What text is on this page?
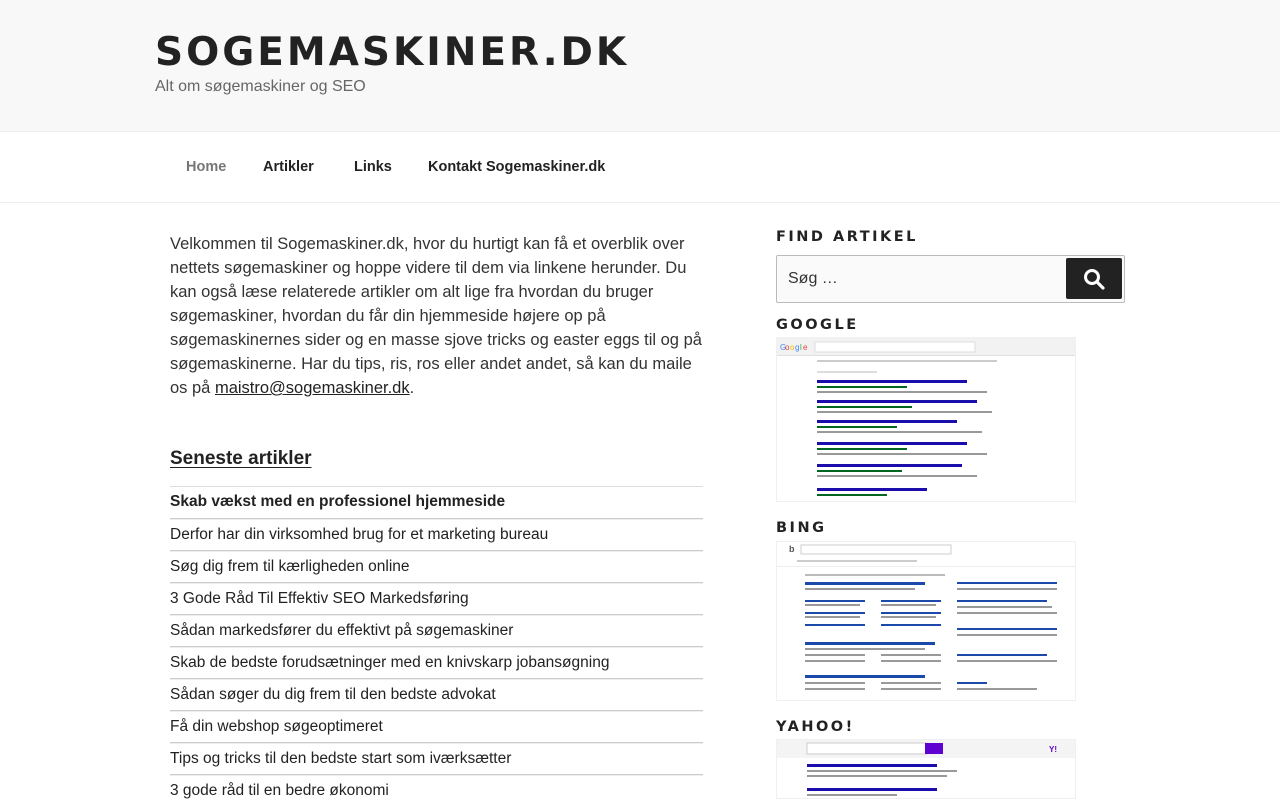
SOGEMASKINER.DK

Alt om søgemaskiner og SEO

Home	Artikler	Links Kontakt Sogemaskiner.dk

Velkommen til Sogemaskiner.dk, hvor du hurtigt kan få et overblik over nettets søgemaskiner og hoppe videre til dem via linkene herunder. Du kan også læse relaterede artikler om alt lige fra hvordan du bruger søgemaskiner, hvordan du får din hjemmeside højere op på søgemaskinernes sider og en masse sjove tricks og easter eggs til og på søgemaskinerne. Har du tips, ris, ros eller andet andet, så kan du maile os på maistro@sogemaskiner.dk.

Seneste artikler
Skab vækst med en professionel hjemmeside
Derfor har din virksomhed brug for et marketing bureau
Søg dig frem til kærligheden online
3 Gode Råd Til Effektiv SEO Markedsføring
Sådan markedsfører du effektivt på søgemaskiner
Skab de bedste forudsætninger med en knivskarp jobansøgning
Sådan søger du dig frem til den bedste advokat
Få din webshop søgeoptimeret
Tips og tricks til den bedste start som iværksætter
3 gode råd til en bedre økonomi
FIND ARTIKEL
Søg …
GOOGLE
G
o o g l e
BING
b
YAHOO!
Y!
